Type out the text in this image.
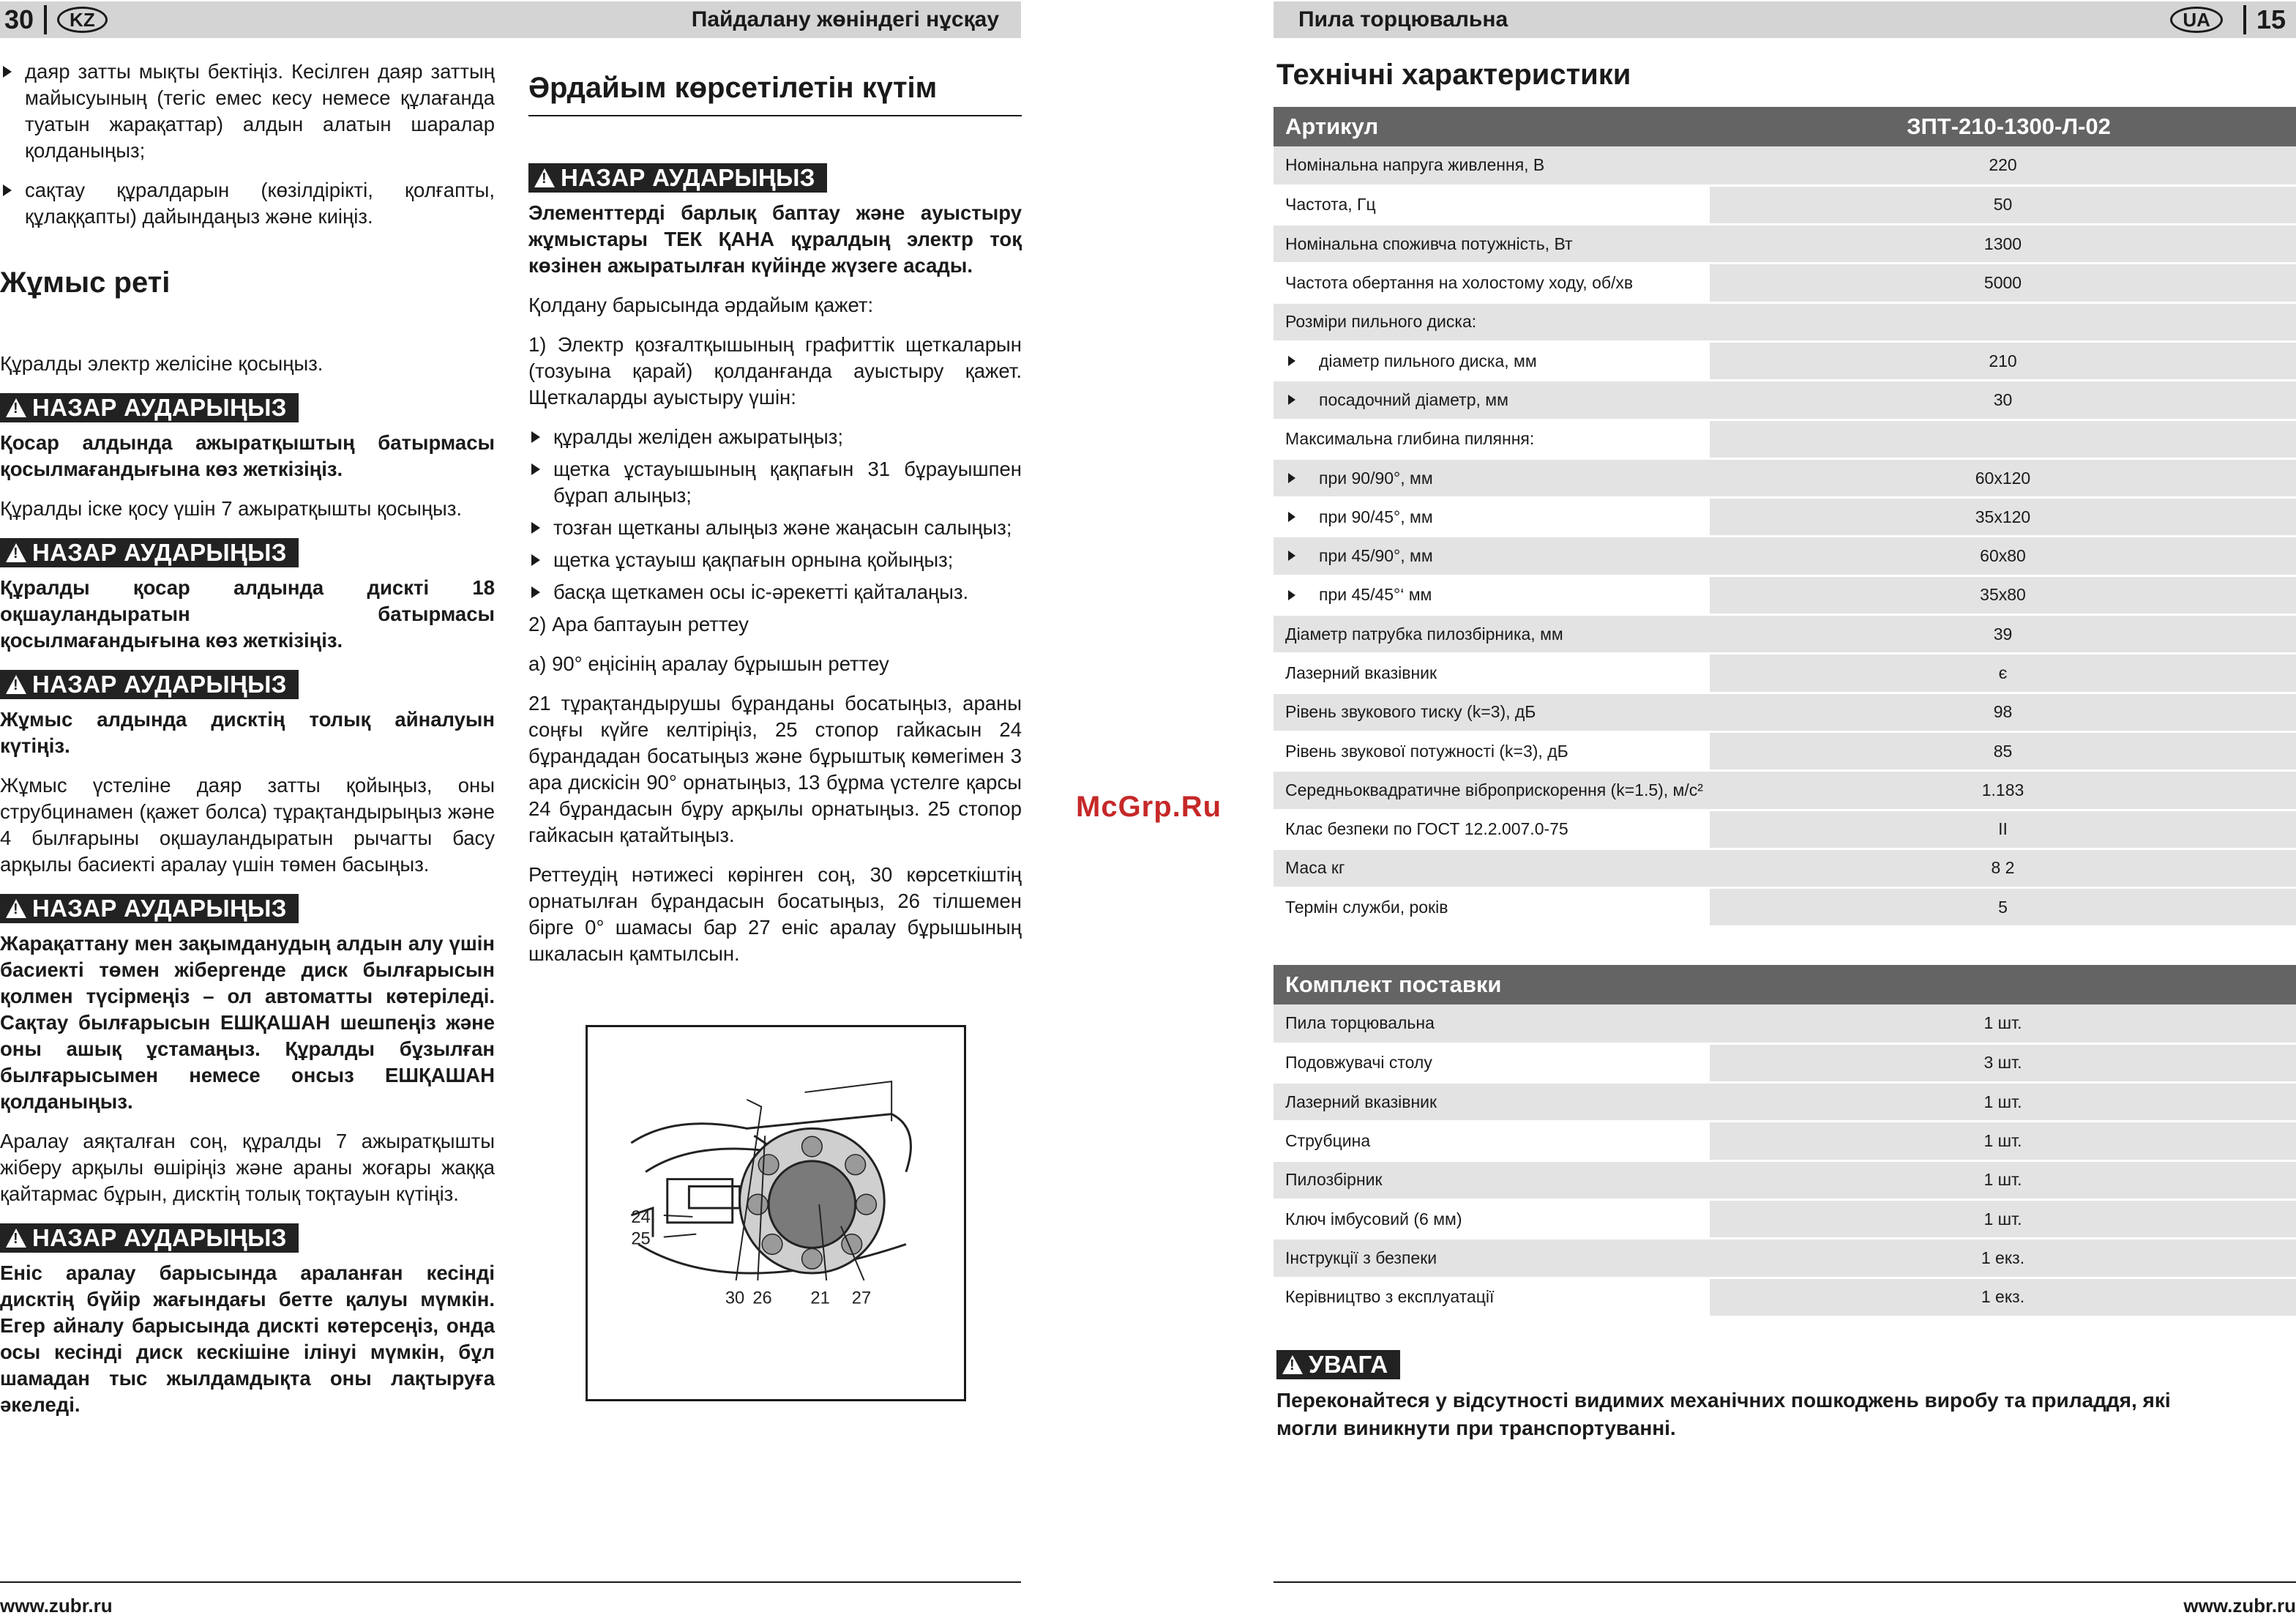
30	KZ	Пайдалану жөніндегі нұсқау

даяр затты мықты бектіңіз. Кесілген даяр заттың майысуының (тегіс емес кесу немесе құлағанда туатын жарақаттар) алдын алатын шаралар қолданыңыз;

сақтау құралдарын (көзілдірікті, қолғапты, құлаққапты) дайындаңыз және киіңіз.

Жұмыс реті

Құралды электр желісіне қосыңыз.

!НАЗАР АУДАРЫҢЫЗ

Қосар алдында ажыратқыштың батырмасы қосылмағандығына көз жеткізіңіз.

Құралды іске қосу үшін 7 ажыратқышты қосыңыз.

!НАЗАР АУДАРЫҢЫЗ

Құралды қосар алдында дискті 18 оқшауландыратын батырмасы қосылмағандығына көз жеткізіңіз.

!НАЗАР АУДАРЫҢЫЗ

Жұмыс алдында дисктің толық айналуын күтіңіз.

Жұмыс үстеліне даяр затты қойыңыз, оны струбцинамен (қажет болса) тұрақтандырыңыз және 4 былғарыны оқшауландыратын рычагты басу арқылы басиекті аралау үшін төмен басыңыз.

!НАЗАР АУДАРЫҢЫЗ

Жарақаттану мен зақымданудың алдын алу үшін басиекті төмен жібергенде диск былғарысын қолмен түсірмеңіз – ол автоматты көтеріледі. Сақтау былғарысын ЕШҚАШАН шешпеңіз және оны ашық ұстамаңыз. Құралды бұзылған былғарысымен немесе онсыз ЕШҚАШАН қолданыңыз.

Аралау аяқталған соң, құралды 7 ажыратқышты жіберу арқылы өшіріңіз және араны жоғары жаққа қайтармас бұрын, дисктің толық тоқтауын күтіңіз.

!НАЗАР АУДАРЫҢЫЗ

Еніс аралау барысында араланған кесінді дисктің бүйір жағындағы бетте қалуы мүмкін. Егер айналу барысында дискті көтерсеңіз, онда осы кесінді диск кескішіне ілінуі мүмкін, бұл шамадан тыс жылдамдықта оны лақтыруға әкеледі.

Әрдайым көрсетілетін күтім
!НАЗАР АУДАРЫҢЫЗ

Элементтерді барлық баптау және ауыстыру жұмыстары ТЕК ҚАНА құралдың электр тоқ көзінен ажыратылған күйінде жүзеге асады.

Қолдану барысында әрдайым қажет:

1) Электр қозғалтқышының графиттік щеткаларын (тозуына қарай) қолданғанда ауыстыру қажет. Щеткаларды ауыстыру үшін:

құралды желіден ажыратыңыз;

щетка ұстауышының қақпағын 31 бұрауышпен бұрап алыңыз;

тозған щетканы алыңыз және жаңасын салыңыз;

щетка ұстауыш қақпағын орнына қойыңыз;

басқа щеткамен осы іс-әрекетті қайталаңыз.

2) Ара баптауын реттеу

а) 90° еңісінің аралау бұрышын реттеу

21 тұрақтандырушы бұранданы босатыңыз, араны соңғы күйге келтіріңіз, 25 стопор гайкасын 24 бұрандадан босатыңыз және бұрыштық көмегімен 3 ара дискісін 90° орнатыңыз, 13 бұрма үстелге қарсы 24 бұрандасын бұру арқылы орнатыңыз. 25 стопор гайкасын қатайтыңыз.

Реттеудің нәтижесі көрінген соң, 30 көрсеткіштің орнатылған бұрандасын босатыңыз, 26 тілшемен бірге 0° шамасы бар 27 еніс аралау бұрышының шкаласын қамтылсын.

24
25
30 26 21 27
www.zubr.ru
McGrp.Ru
Пила торцювальна	UA	15
Технічні характеристики
Артикул	ЗПТ-210-1300-Л-02
Номінальна напруга живлення, В	220
Частота, Гц	50
Номінальна споживча потужність, Вт	1300
Частота обертання на холостому ходу, об/хв	5000
Розміри пильного диска:	
діаметр пильного диска, мм	210
посадочний діаметр, мм	30
Максимальна глибина пиляння:	
при 90/90°, мм	60x120
при 90/45°, мм	35x120
при 45/90°, мм	60x80
при 45/45°‘ мм	35x80
Діаметр патрубка пилозбірника, мм	39
Лазерний вказівник	є
Рівень звукового тиску (k=3), дБ	98
Рівень звукової потужності (k=3), дБ	85
Середньоквадратичне віброприскорення (k=1.5), м/с²	1.183
Клас безпеки по ГОСТ 12.2.007.0-75	II
Маса кг	8 2
Термін служби, років	5
Комплект поставки	
Пила торцювальна	1 шт.
Подовжувачі столу	3 шт.
Лазерний вказівник	1 шт.
Струбцина	1 шт.
Пилозбірник	1 шт.
Ключ імбусовий (6 мм)	1 шт.
Інструкції з безпеки	1 екз.
Керівництво з експлуатації	1 екз.
!УВАГА
Переконайтеся у відсутності видимих механічних пошкоджень виробу та приладдя, які могли виникнути при транспортуванні.
www.zubr.ru
